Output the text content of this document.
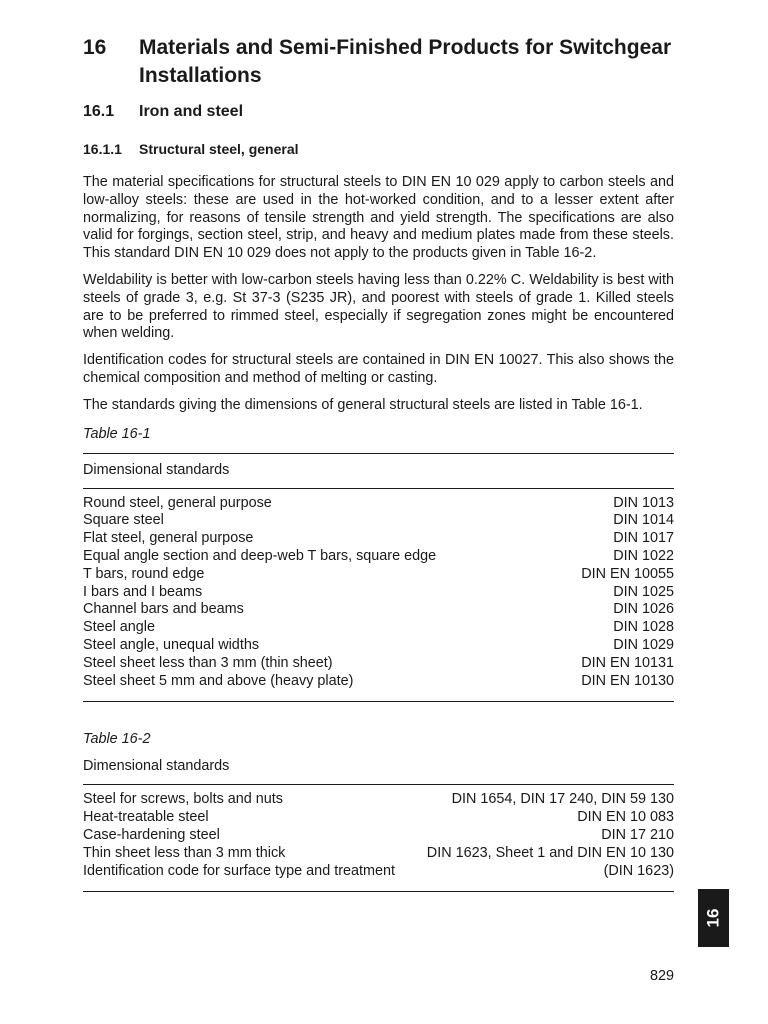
16	Materials and Semi-Finished Products for Switchgear Installations
16.1	Iron and steel
16.1.1	Structural steel, general

The material specifications for structural steels to DIN EN 10 029 apply to carbon steels and low-alloy steels: these are used in the hot-worked condition, and to a lesser extent after normalizing, for reasons of tensile strength and yield strength. The specifications are also valid for forgings, section steel, strip, and heavy and medium plates made from these steels. This standard DIN EN 10 029 does not apply to the products given in Table 16-2.

Weldability is better with low-carbon steels having less than 0.22% C. Weldability is best with steels of grade 3, e.g. St 37-3 (S235 JR), and poorest with steels of grade 1. Killed steels are to be preferred to rimmed steel, especially if segregation zones might be encountered when welding.

Identification codes for structural steels are contained in DIN EN 10027. This also shows the chemical composition and method of melting or casting.

The standards giving the dimensions of general structural steels are listed in Table 16-1.

Table 16-1
Dimensional standards
Round steel, general purpose	DIN 1013
Square steel	DIN 1014
Flat steel, general purpose	DIN 1017
Equal angle section and deep-web T bars, square edge	DIN 1022
T bars, round edge	DIN EN 10055
I bars and I beams	DIN 1025
Channel bars and beams	DIN 1026
Steel angle	DIN 1028
Steel angle, unequal widths	DIN 1029
Steel sheet less than 3 mm (thin sheet)	DIN EN 10131
Steel sheet 5 mm and above (heavy plate)	DIN EN 10130
Table 16-2
Dimensional standards
Steel for screws, bolts and nuts	DIN 1654, DIN 17 240, DIN 59 130
Heat-treatable steel	DIN EN 10 083
Case-hardening steel	DIN 17 210
Thin sheet less than 3 mm thick	DIN 1623, Sheet 1 and DIN EN 10 130
Identification code for surface type and treatment	(DIN 1623)
16
829
